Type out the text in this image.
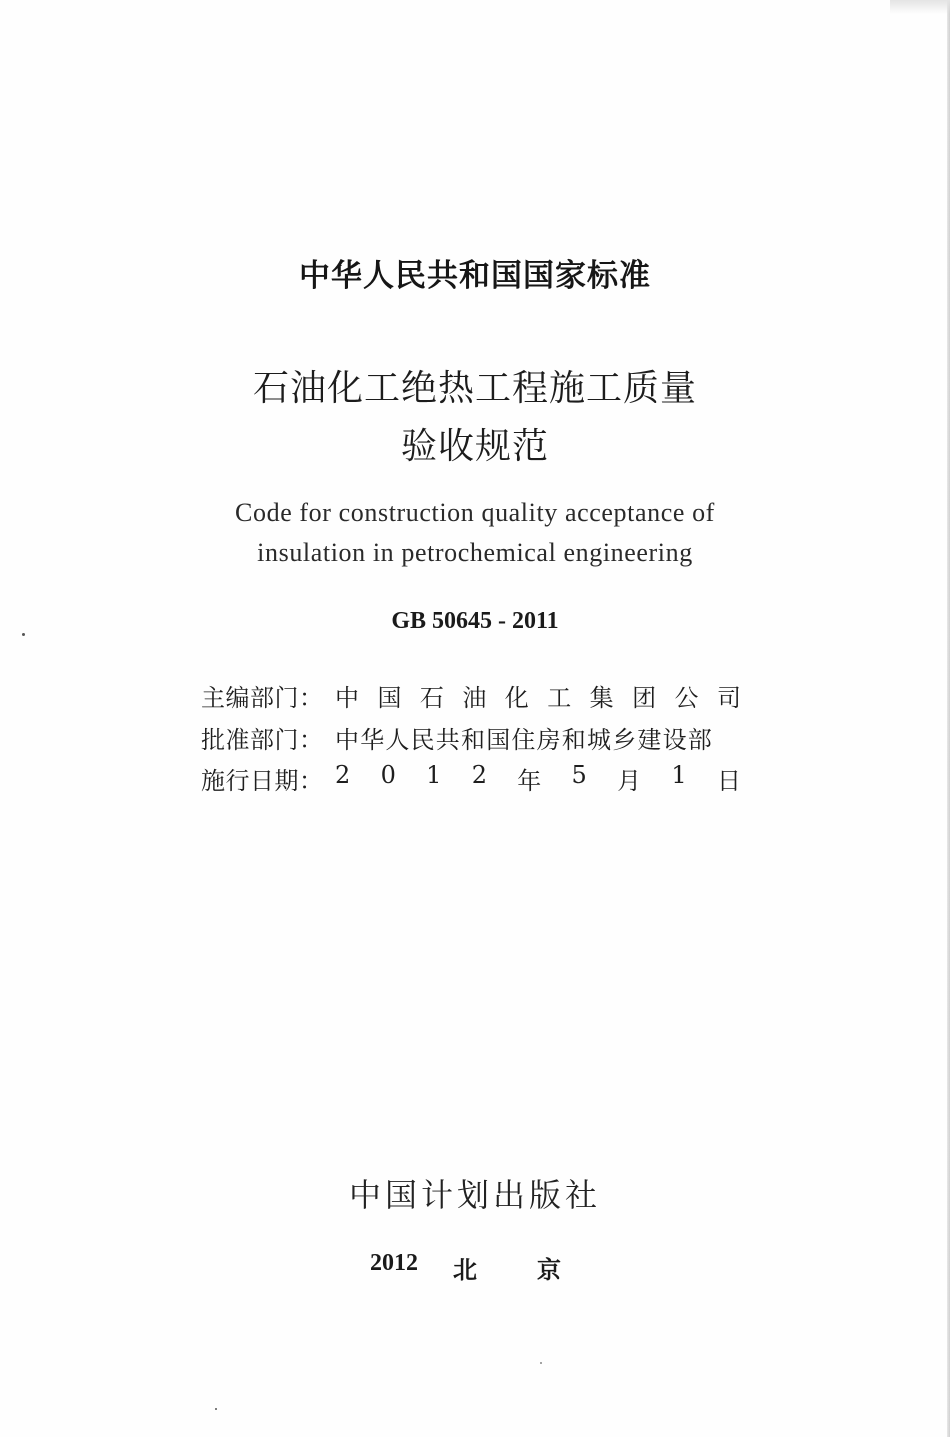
中华人民共和国国家标准
石油化工绝热工程施工质量
验收规范
Code for construction quality acceptance of
insulation in petrochemical engineering
GB 50645 - 2011
主编部门： 中 国 石 油 化 工 集 团 公 司
批准部门： 中华人民共和国住房和城乡建设部
施行日期： 2 0 1 2 年 5 月 1 日
中国计划出版社
2012 北	京
